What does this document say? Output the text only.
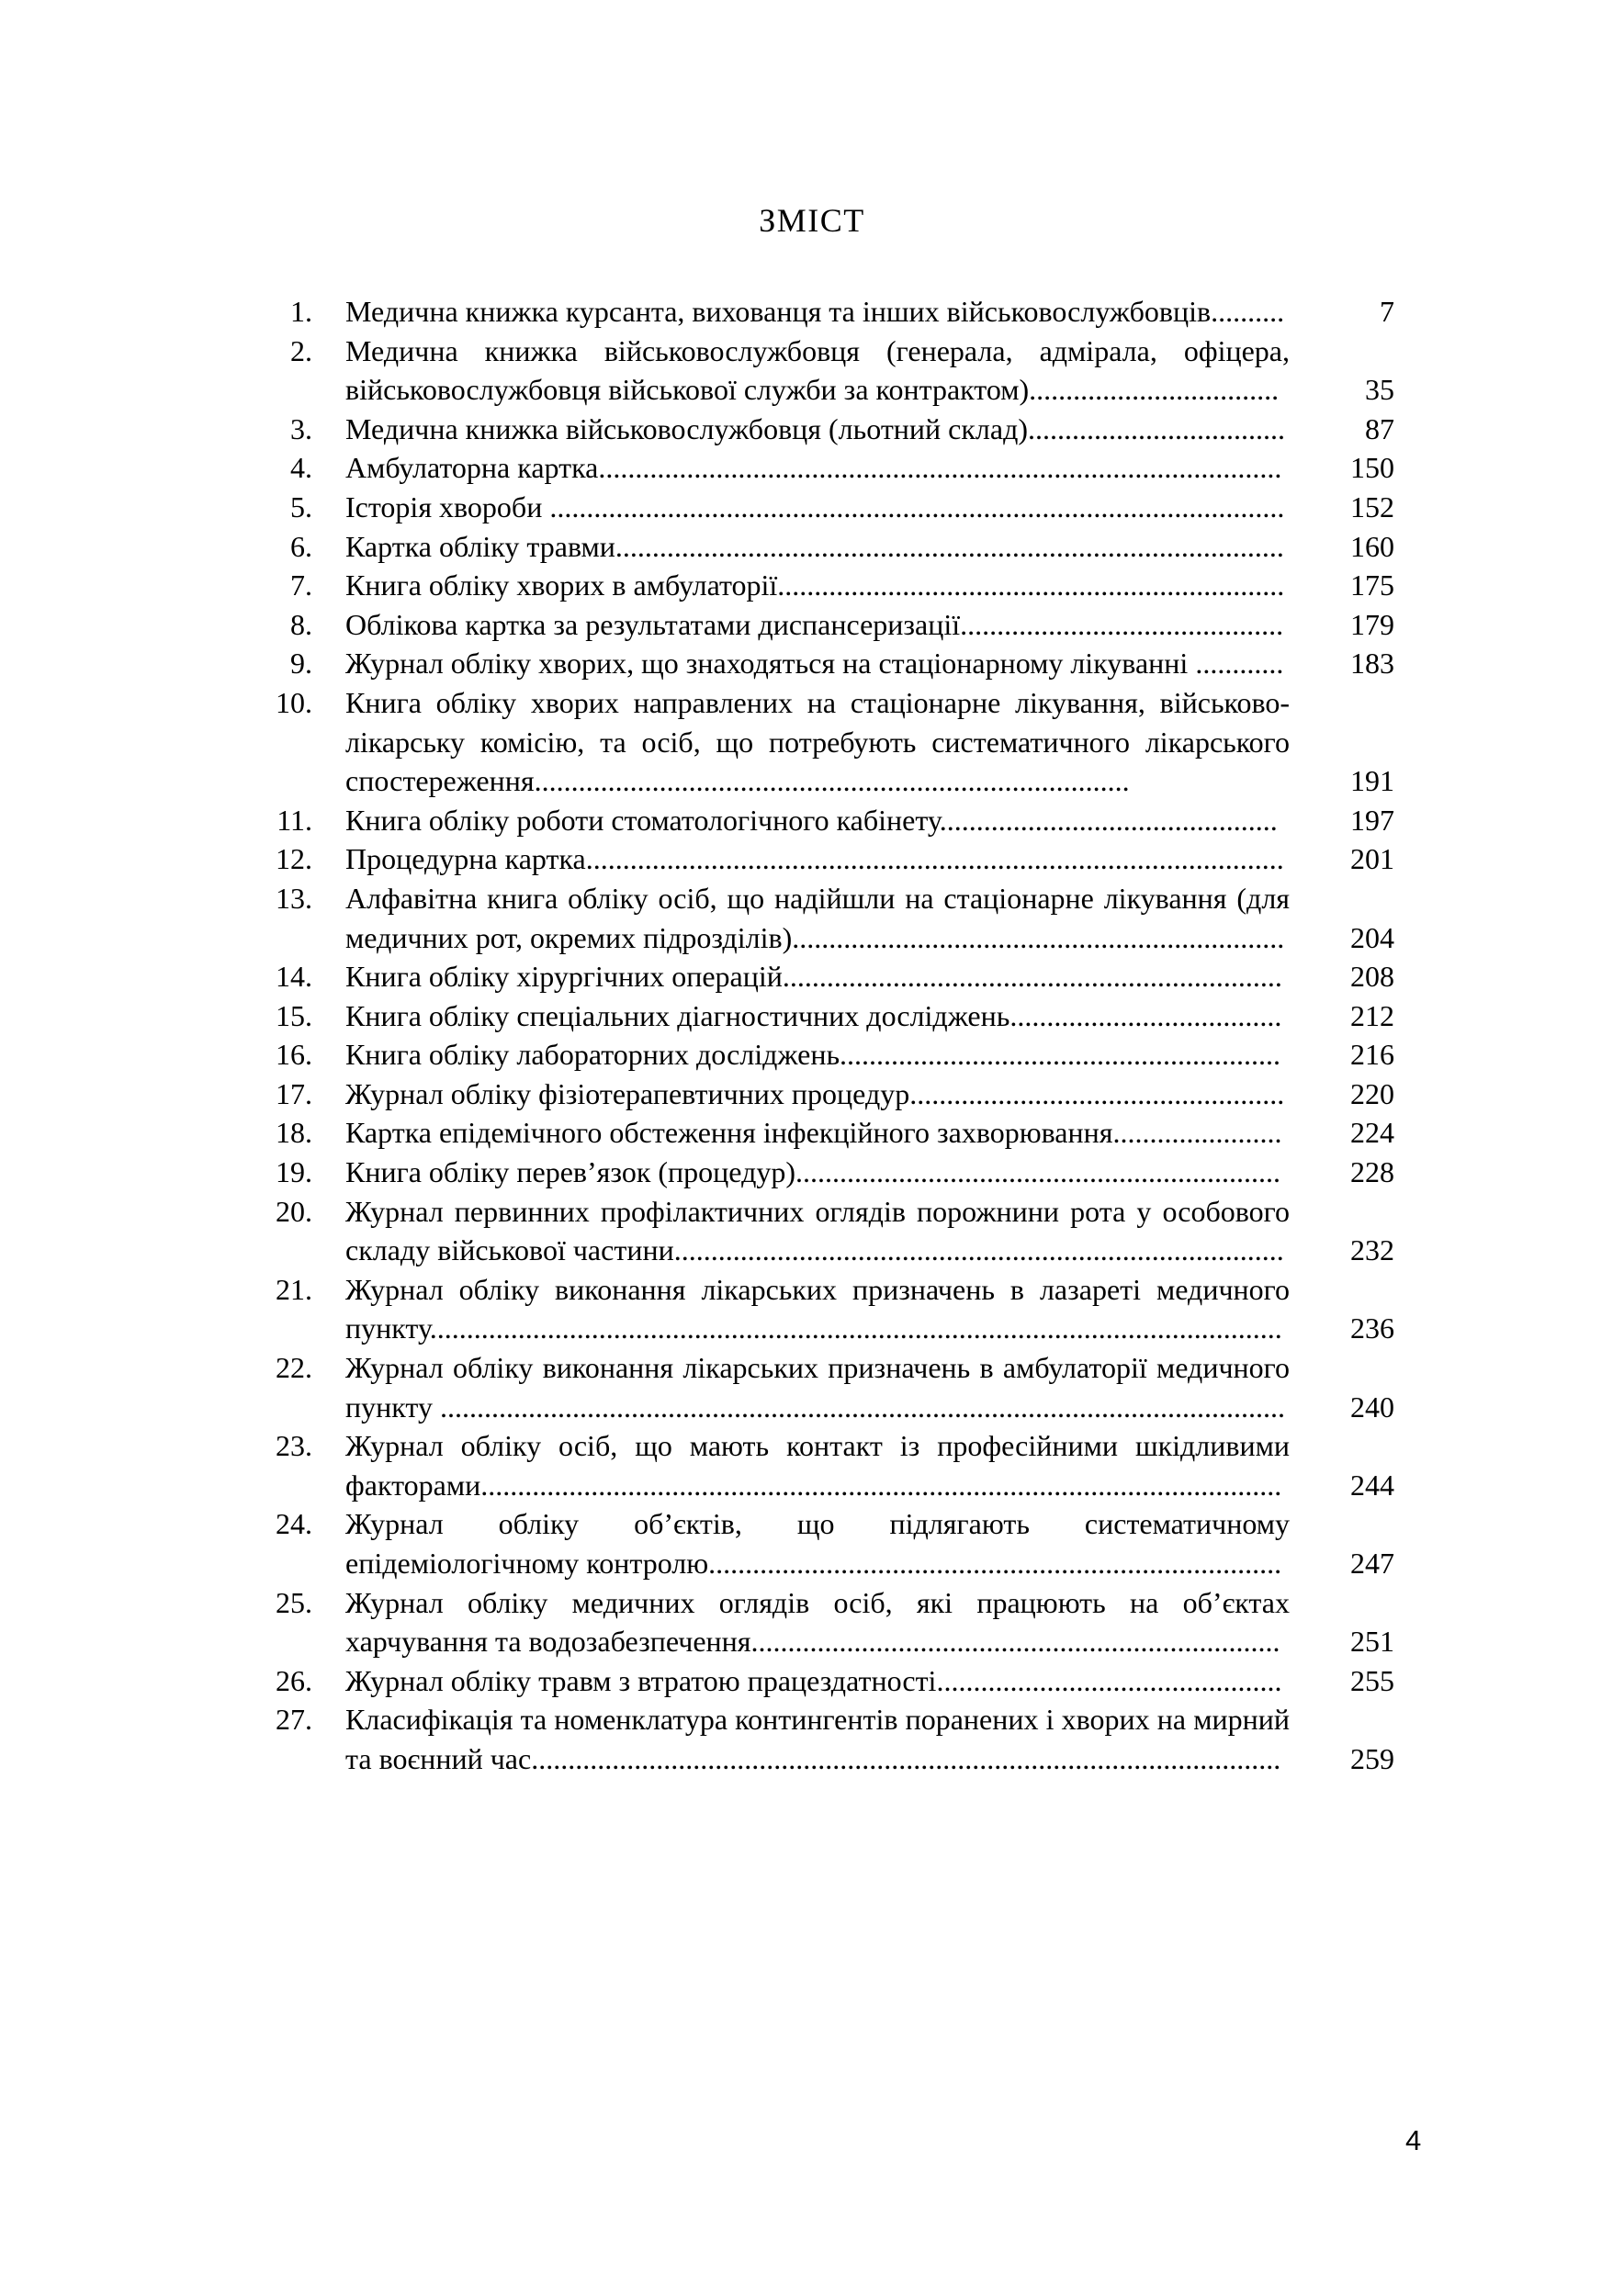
ЗМІСТ
1. Медична книжка курсанта, вихованця та інших військовослужбовців..........	7
2. Медична книжка військовослужбовця (генерала, адмірала, офіцера, військовослужбовця військової служби за контрактом)..................................	35
3. Медична книжка військовослужбовця (льотний склад)...................................	87
4. Амбулаторна картка.............................................................................................	150
5. Історія хвороби ....................................................................................................	152
6. Картка обліку травми...........................................................................................	160
7. Книга обліку хворих в амбулаторії.....................................................................	175
8. Облікова картка за результатами диспансеризації............................................	179
9. Журнал обліку хворих, що знаходяться на стаціонарному лікуванні ............	183
10. Книга обліку хворих направлених на стаціонарне лікування, військово-лікарську комісію, та осіб, що потребують систематичного лікарського спостереження.................................................................................	191
11. Книга обліку роботи стоматологічного кабінету..............................................	197
12. Процедурна картка...............................................................................................	201
13. Алфавітна книга обліку осіб, що надійшли на стаціонарне лікування (для медичних рот, окремих підрозділів)...................................................................	204
14. Книга обліку хірургічних операцій....................................................................	208
15. Книга обліку спеціальних діагностичних досліджень.....................................	212
16. Книга обліку лабораторних досліджень............................................................	216
17. Журнал обліку фізіотерапевтичних процедур...................................................	220
18. Картка епідемічного обстеження інфекційного захворювання.......................	224
19. Книга обліку перев’язок (процедур)..................................................................	228
20. Журнал первинних профілактичних оглядів порожнини рота у особового складу військової частини...................................................................................	232
21. Журнал обліку виконання лікарських призначень в лазареті медичного пункту....................................................................................................................	236
22. Журнал обліку виконання лікарських призначень в амбулаторії медичного пункту ...................................................................................................................	240
23. Журнал обліку осіб, що мають контакт із професійними шкідливими факторами.............................................................................................................	244
24. Журнал обліку об’єктів, що підлягають систематичному епідеміологічному контролю..............................................................................	247
25. Журнал обліку медичних оглядів осіб, які працюють на об’єктах харчування та водозабезпечення........................................................................	251
26. Журнал обліку травм з втратою працездатності...............................................	255
27. Класифікація та номенклатура контингентів поранених і хворих на мирний та воєнний час......................................................................................................	259
4
